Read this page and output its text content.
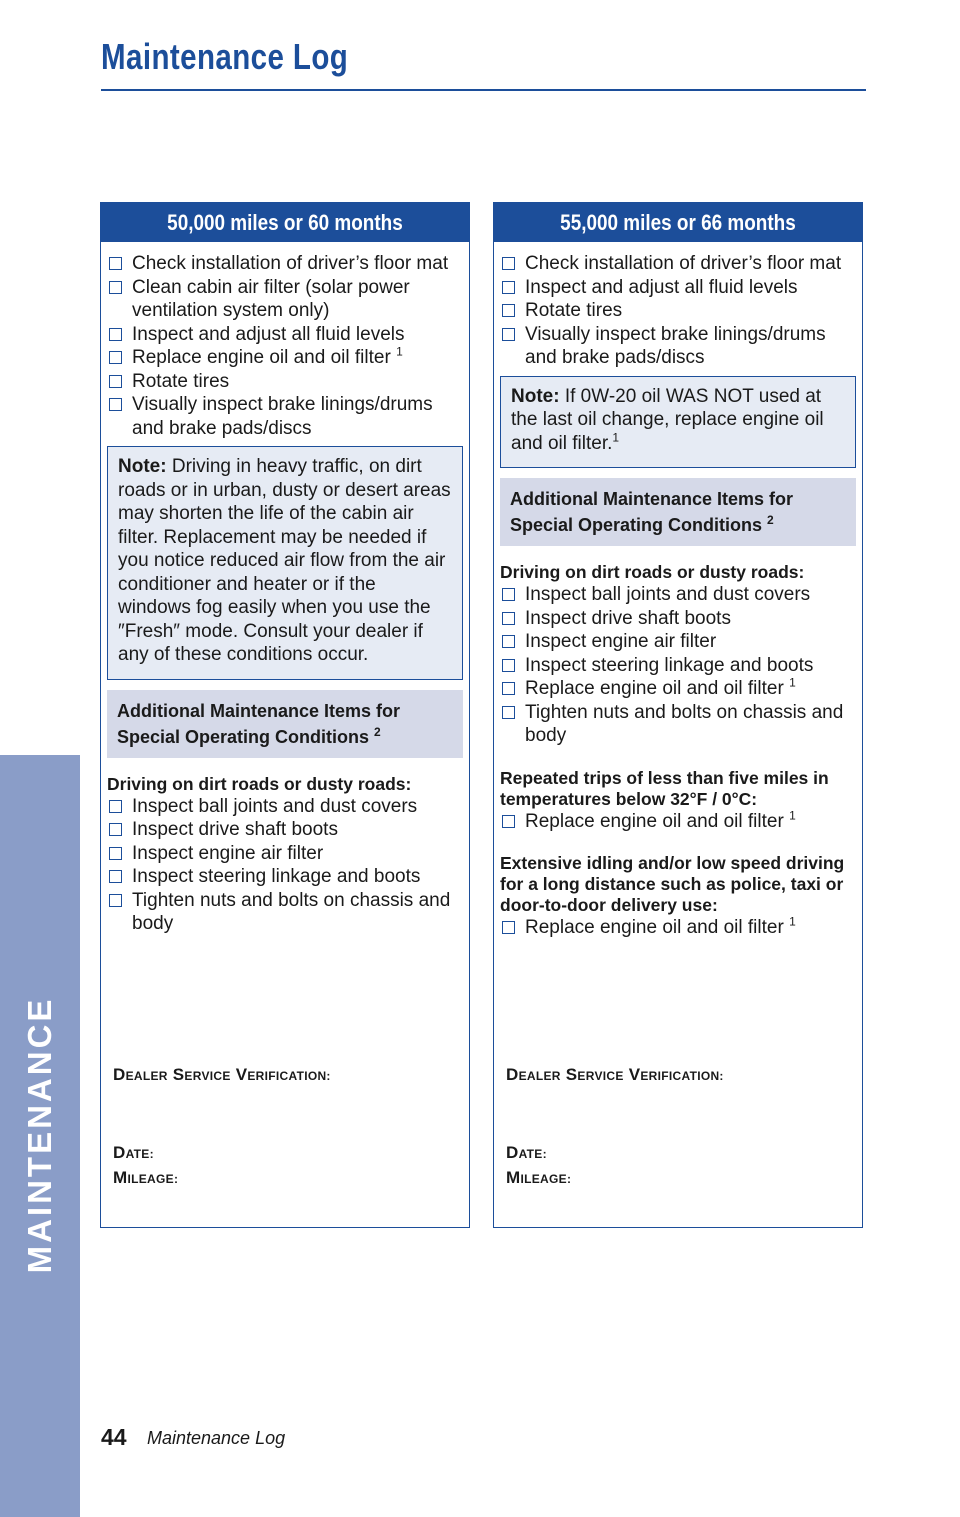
Maintenance Log
MAINTENANCE
50,000 miles or 60 months
Check installation of driver’s floor mat
Clean cabin air filter (solar power ventilation system only)
Inspect and adjust all fluid levels
Replace engine oil and oil filter $^1$
Rotate tires
Visually inspect brake linings/drums and brake pads/discs
Note: Driving in heavy traffic, on dirt roads or in urban, dusty or desert areas may shorten the life of the cabin air filter. Replacement may be needed if you notice reduced air flow from the air conditioner and heater or if the windows fog easily when you use the ″Fresh″ mode. Consult your dealer if any of these conditions occur.
Additional Maintenance Items for Special Operating Conditions $^2$
Driving on dirt roads or dusty roads:
Inspect ball joints and dust covers
Inspect drive shaft boots
Inspect engine air filter
Inspect steering linkage and boots
Tighten nuts and bolts on chassis and body
DEALER SERVICE VERIFICATION:
DATE:
MILEAGE:
55,000 miles or 66 months
Check installation of driver’s floor mat
Inspect and adjust all fluid levels
Rotate tires
Visually inspect brake linings/drums and brake pads/discs
Note: If 0W-20 oil WAS NOT used at the last oil change, replace engine oil and oil filter.$^1$
Additional Maintenance Items for Special Operating Conditions $^2$
Driving on dirt roads or dusty roads:
Inspect ball joints and dust covers
Inspect drive shaft boots
Inspect engine air filter
Inspect steering linkage and boots
Replace engine oil and oil filter $^1$
Tighten nuts and bolts on chassis and body
Repeated trips of less than five miles in temperatures below 32°F / 0°C:
Replace engine oil and oil filter $^1$
Extensive idling and/or low speed driving for a long distance such as police, taxi or door-to-door delivery use:
Replace engine oil and oil filter $^1$
DEALER SERVICE VERIFICATION:
DATE:
MILEAGE:
44 Maintenance Log
